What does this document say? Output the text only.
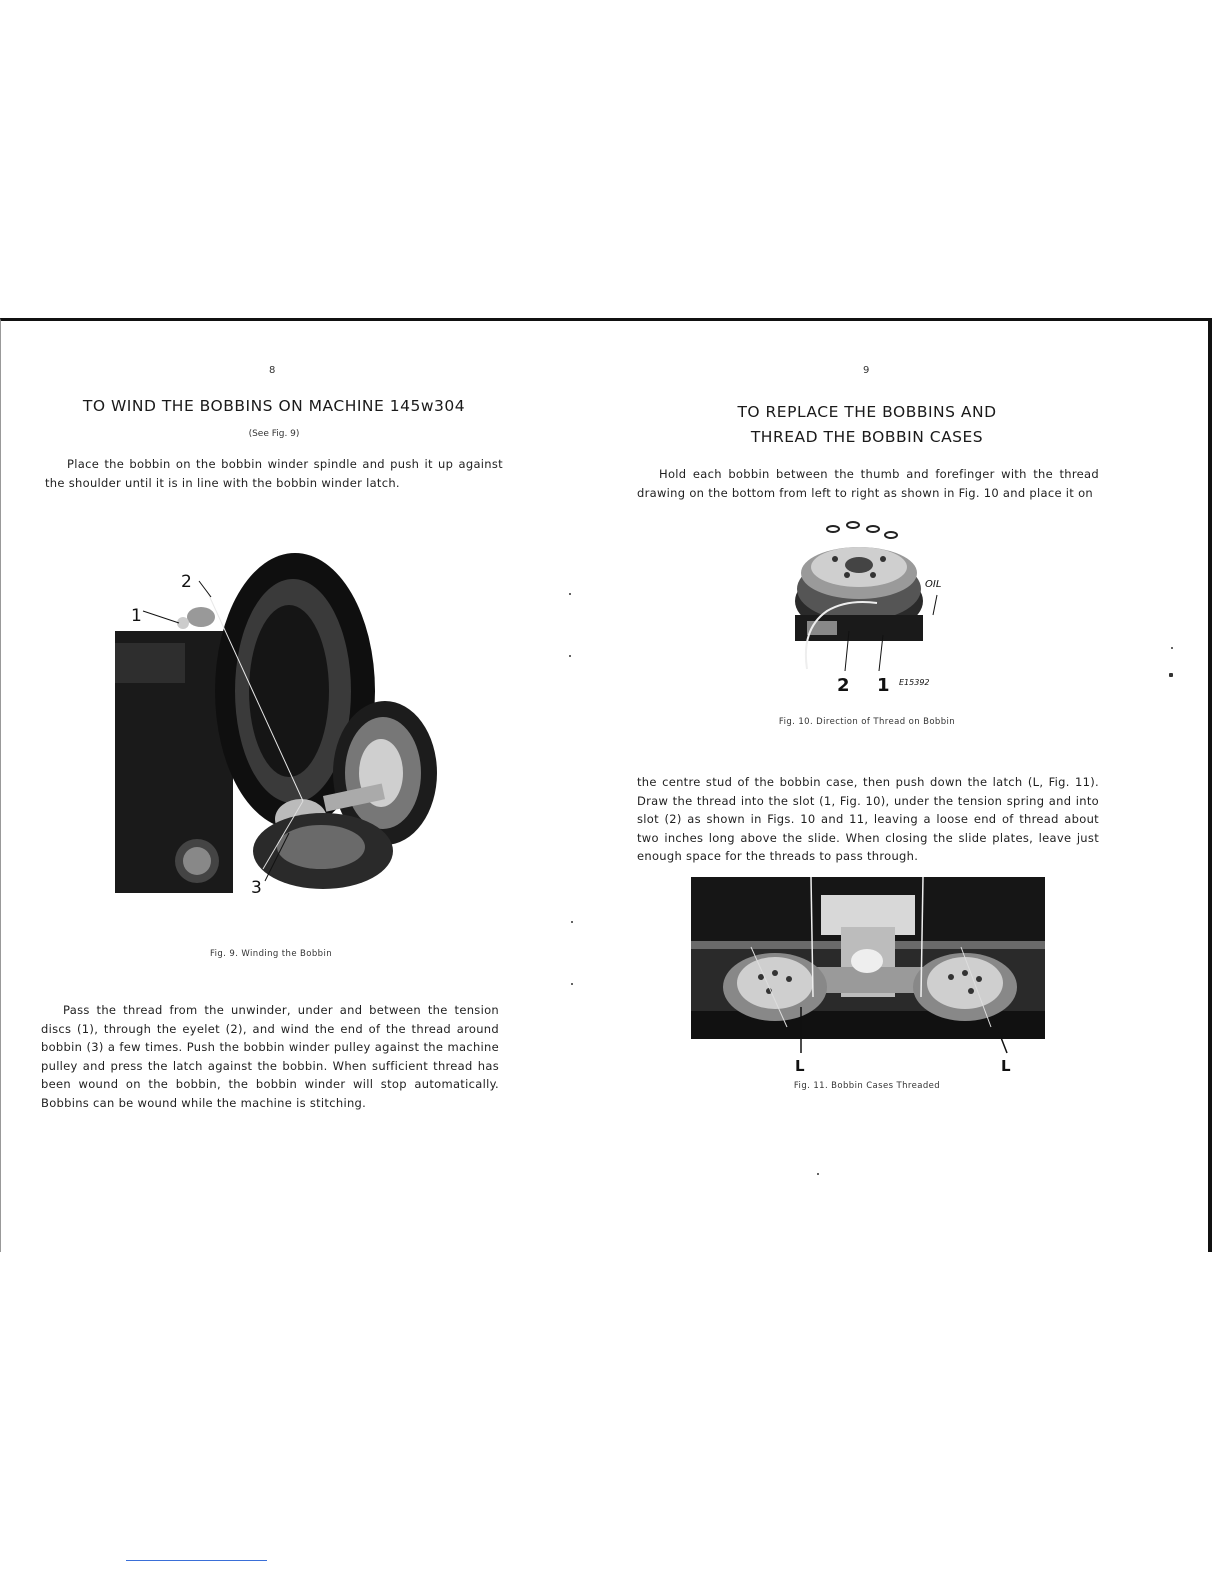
8
TO WIND THE BOBBINS ON MACHINE 145w304
(See Fig. 9)
Place the bobbin on the bobbin winder spindle and push it up against the shoulder until it is in line with the bobbin winder latch.
2
1
3
Fig. 9. Winding the Bobbin
Pass the thread from the unwinder, under and between the tension discs (1), through the eyelet (2), and wind the end of the thread around bobbin (3) a few times. Push the bobbin winder pulley against the machine pulley and press the latch against the bobbin. When sufficient thread has been wound on the bobbin, the bobbin winder will stop automatically. Bobbins can be wound while the machine is stitching.
9
TO REPLACE THE BOBBINS AND
THREAD THE BOBBIN CASES
Hold each bobbin between the thumb and forefinger with the thread drawing on the bottom from left to right as shown in Fig. 10 and place it on
2 1
OIL
E15392
Fig. 10. Direction of Thread on Bobbin
the centre stud of the bobbin case, then push down the latch (L, Fig. 11). Draw the thread into the slot (1, Fig. 10), under the tension spring and into slot (2) as shown in Figs. 10 and 11, leaving a loose end of thread about two inches long above the slide. When closing the slide plates, leave just enough space for the threads to pass through.
L	L
Fig. 11. Bobbin Cases Threaded
